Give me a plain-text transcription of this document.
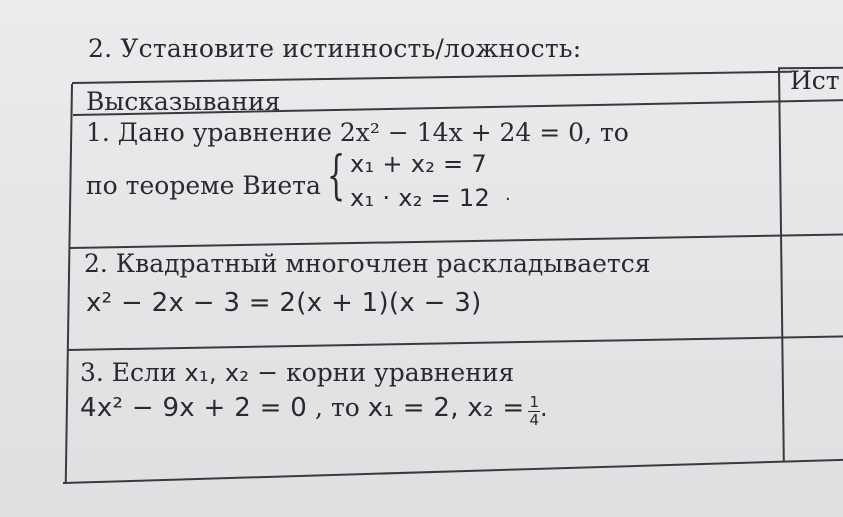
2. Установите истинность/ложность:
Высказывания
Ист
1. Дано уравнение 2x² − 14x + 24 = 0, то
по теореме Виета { x₁ + x₂ = 7
x₁ · x₂ = 12 .
2. Квадратный многочлен раскладывается
x² − 2x − 3 = 2(x + 1)(x − 3)
3. Если x₁, x₂ − корни уравнения
4x² − 9x + 2 = 0 , то x₁ = 2, $x_2 = \frac{1}{4}$ .
